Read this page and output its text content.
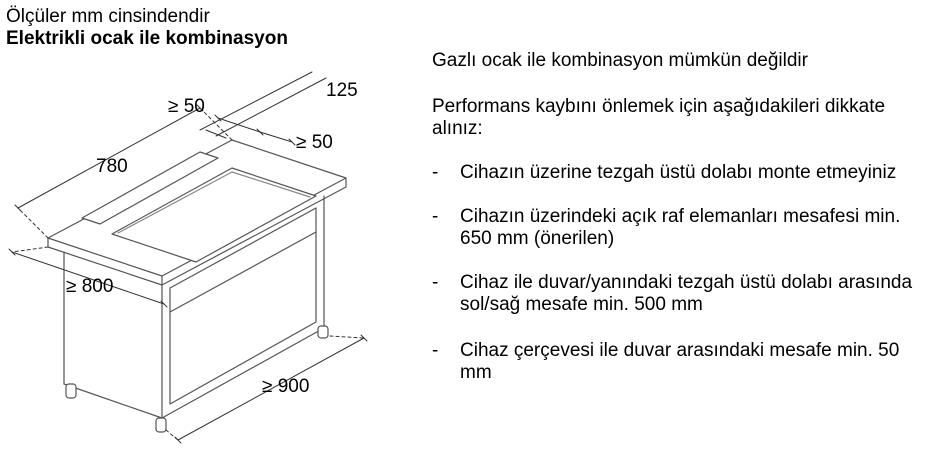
Ölçüler mm cinsindendir
Elektrikli ocak ile kombinasyon
125
≥ 50
≥ 50
780
≥ 800
≥ 900
Gazlı ocak ile kombinasyon mümkün değildir
Performans kaybını önlemek için aşağıdakileri dikkate alınız:
- Cihazın üzerine tezgah üstü dolabı monte etmeyiniz
- Cihazın üzerindeki açık raf elemanları mesafesi min. 650 mm (önerilen)
- Cihaz ile duvar/yanındaki tezgah üstü dolabı arasında sol/sağ mesafe min. 500 mm
- Cihaz çerçevesi ile duvar arasındaki mesafe min. 50 mm
